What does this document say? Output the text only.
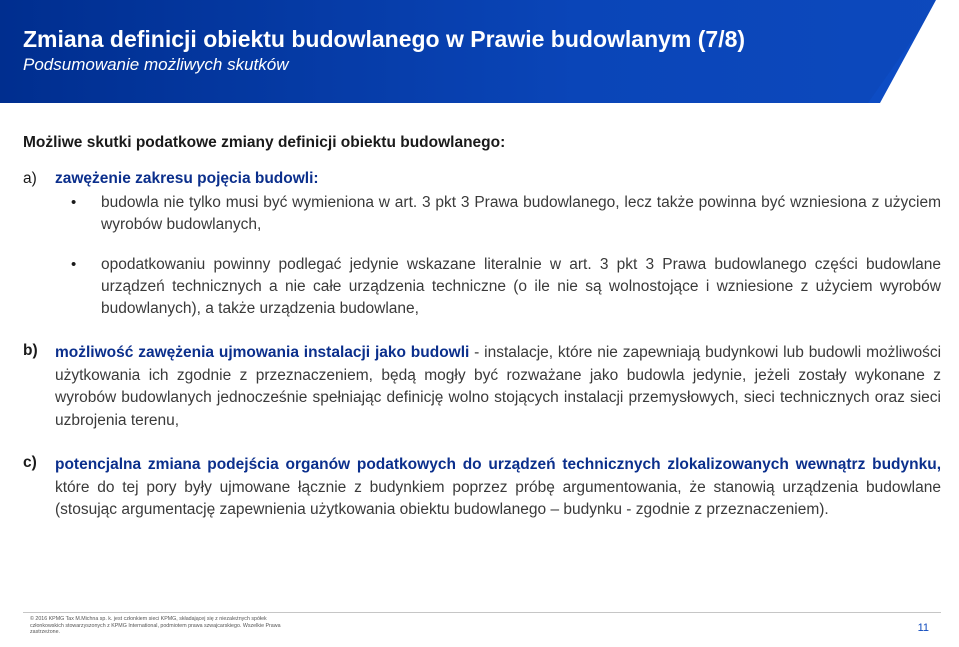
Zmiana definicji obiektu budowlanego w Prawie budowlanym (7/8)

Podsumowanie możliwych skutków

Możliwe skutki podatkowe zmiany definicji obiektu budowlanego:

a)	zawężenie zakresu pojęcia budowli:

• budowla nie tylko musi być wymieniona w art. 3 pkt 3 Prawa budowlanego, lecz także powinna być wzniesiona z użyciem wyrobów budowlanych,
• opodatkowaniu powinny podlegać jedynie wskazane literalnie w art. 3 pkt 3 Prawa budowlanego części budowlane urządzeń technicznych a nie całe urządzenia techniczne (o ile nie są wolnostojące i wzniesione z użyciem wyrobów budowlanych), a także urządzenia budowlane,
b)	możliwość zawężenia ujmowania instalacji jako budowli - instalacje, które nie zapewniają budynkowi lub budowli możliwości użytkowania ich zgodnie z przeznaczeniem, będą mogły być rozważane jako budowla jedynie, jeżeli zostały wykonane z wyrobów budowlanych jednocześnie spełniając definicję wolno stojących instalacji przemysłowych, sieci technicznych oraz sieci uzbrojenia terenu,

c)	potencjalna zmiana podejścia organów podatkowych do urządzeń technicznych zlokalizowanych wewnątrz budynku, które do tej pory były ujmowane łącznie z budynkiem poprzez próbę argumentowania, że stanowią urządzenia budowlane (stosując argumentację zapewnienia użytkowania obiektu budowlanego – budynku - zgodnie z przeznaczeniem).

© 2016 KPMG Tax M.Michna sp. k. jest członkiem sieci KPMG, składającej się z niezależnych spółek członkowskich stowarzyszonych z KPMG International, podmiotem prawa szwajcarskiego. Wszelkie Prawa zastrzeżone.	11
